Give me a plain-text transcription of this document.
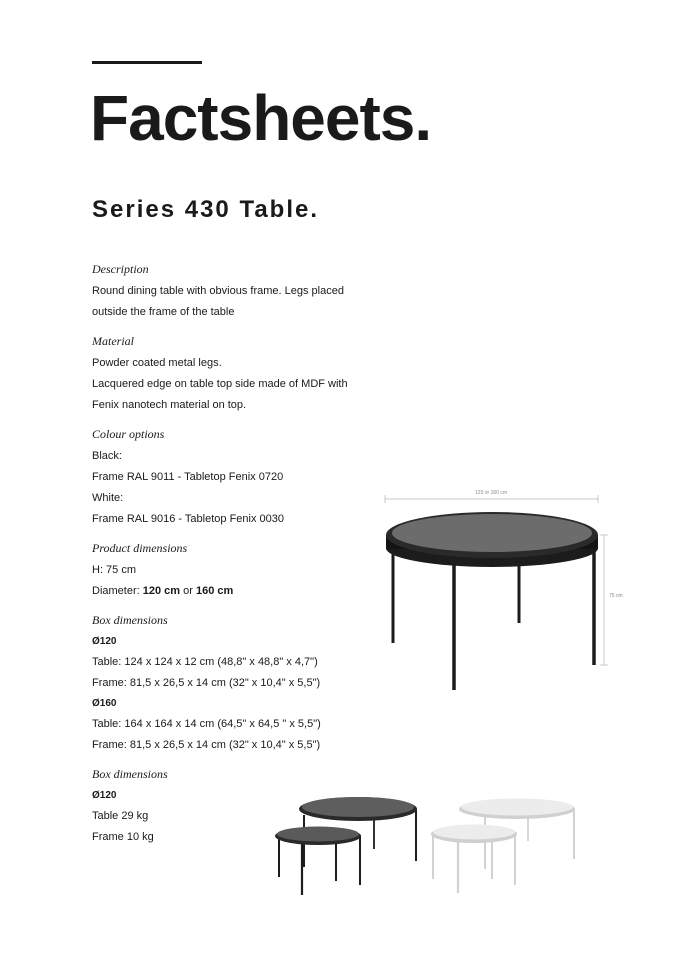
Factsheets.
Series 430 Table.
Description
Round dining table with obvious frame. Legs placed
outside the frame of the table
Material
Powder coated metal legs.
Lacquered edge on table top side made of MDF with
Fenix nanotech material on top.
Colour options
Black:
Frame RAL 9011 - Tabletop Fenix 0720
White:
Frame RAL 9016 - Tabletop Fenix 0030
Product dimensions
H: 75 cm
Diameter: 120 cm or 160 cm
Box dimensions
Ø120
Table: 124 x 124 x 12 cm (48,8" x 48,8" x 4,7")
Frame: 81,5 x 26,5 x 14 cm (32" x 10,4" x 5,5")
Ø160
Table: 164 x 164 x 14 cm (64,5" x 64,5 " x 5,5")
Frame: 81,5 x 26,5 x 14 cm (32" x 10,4" x 5,5")
Box dimensions
Ø120
Table 29 kg
Frame 10 kg
120 or 160 cm
75 cm
